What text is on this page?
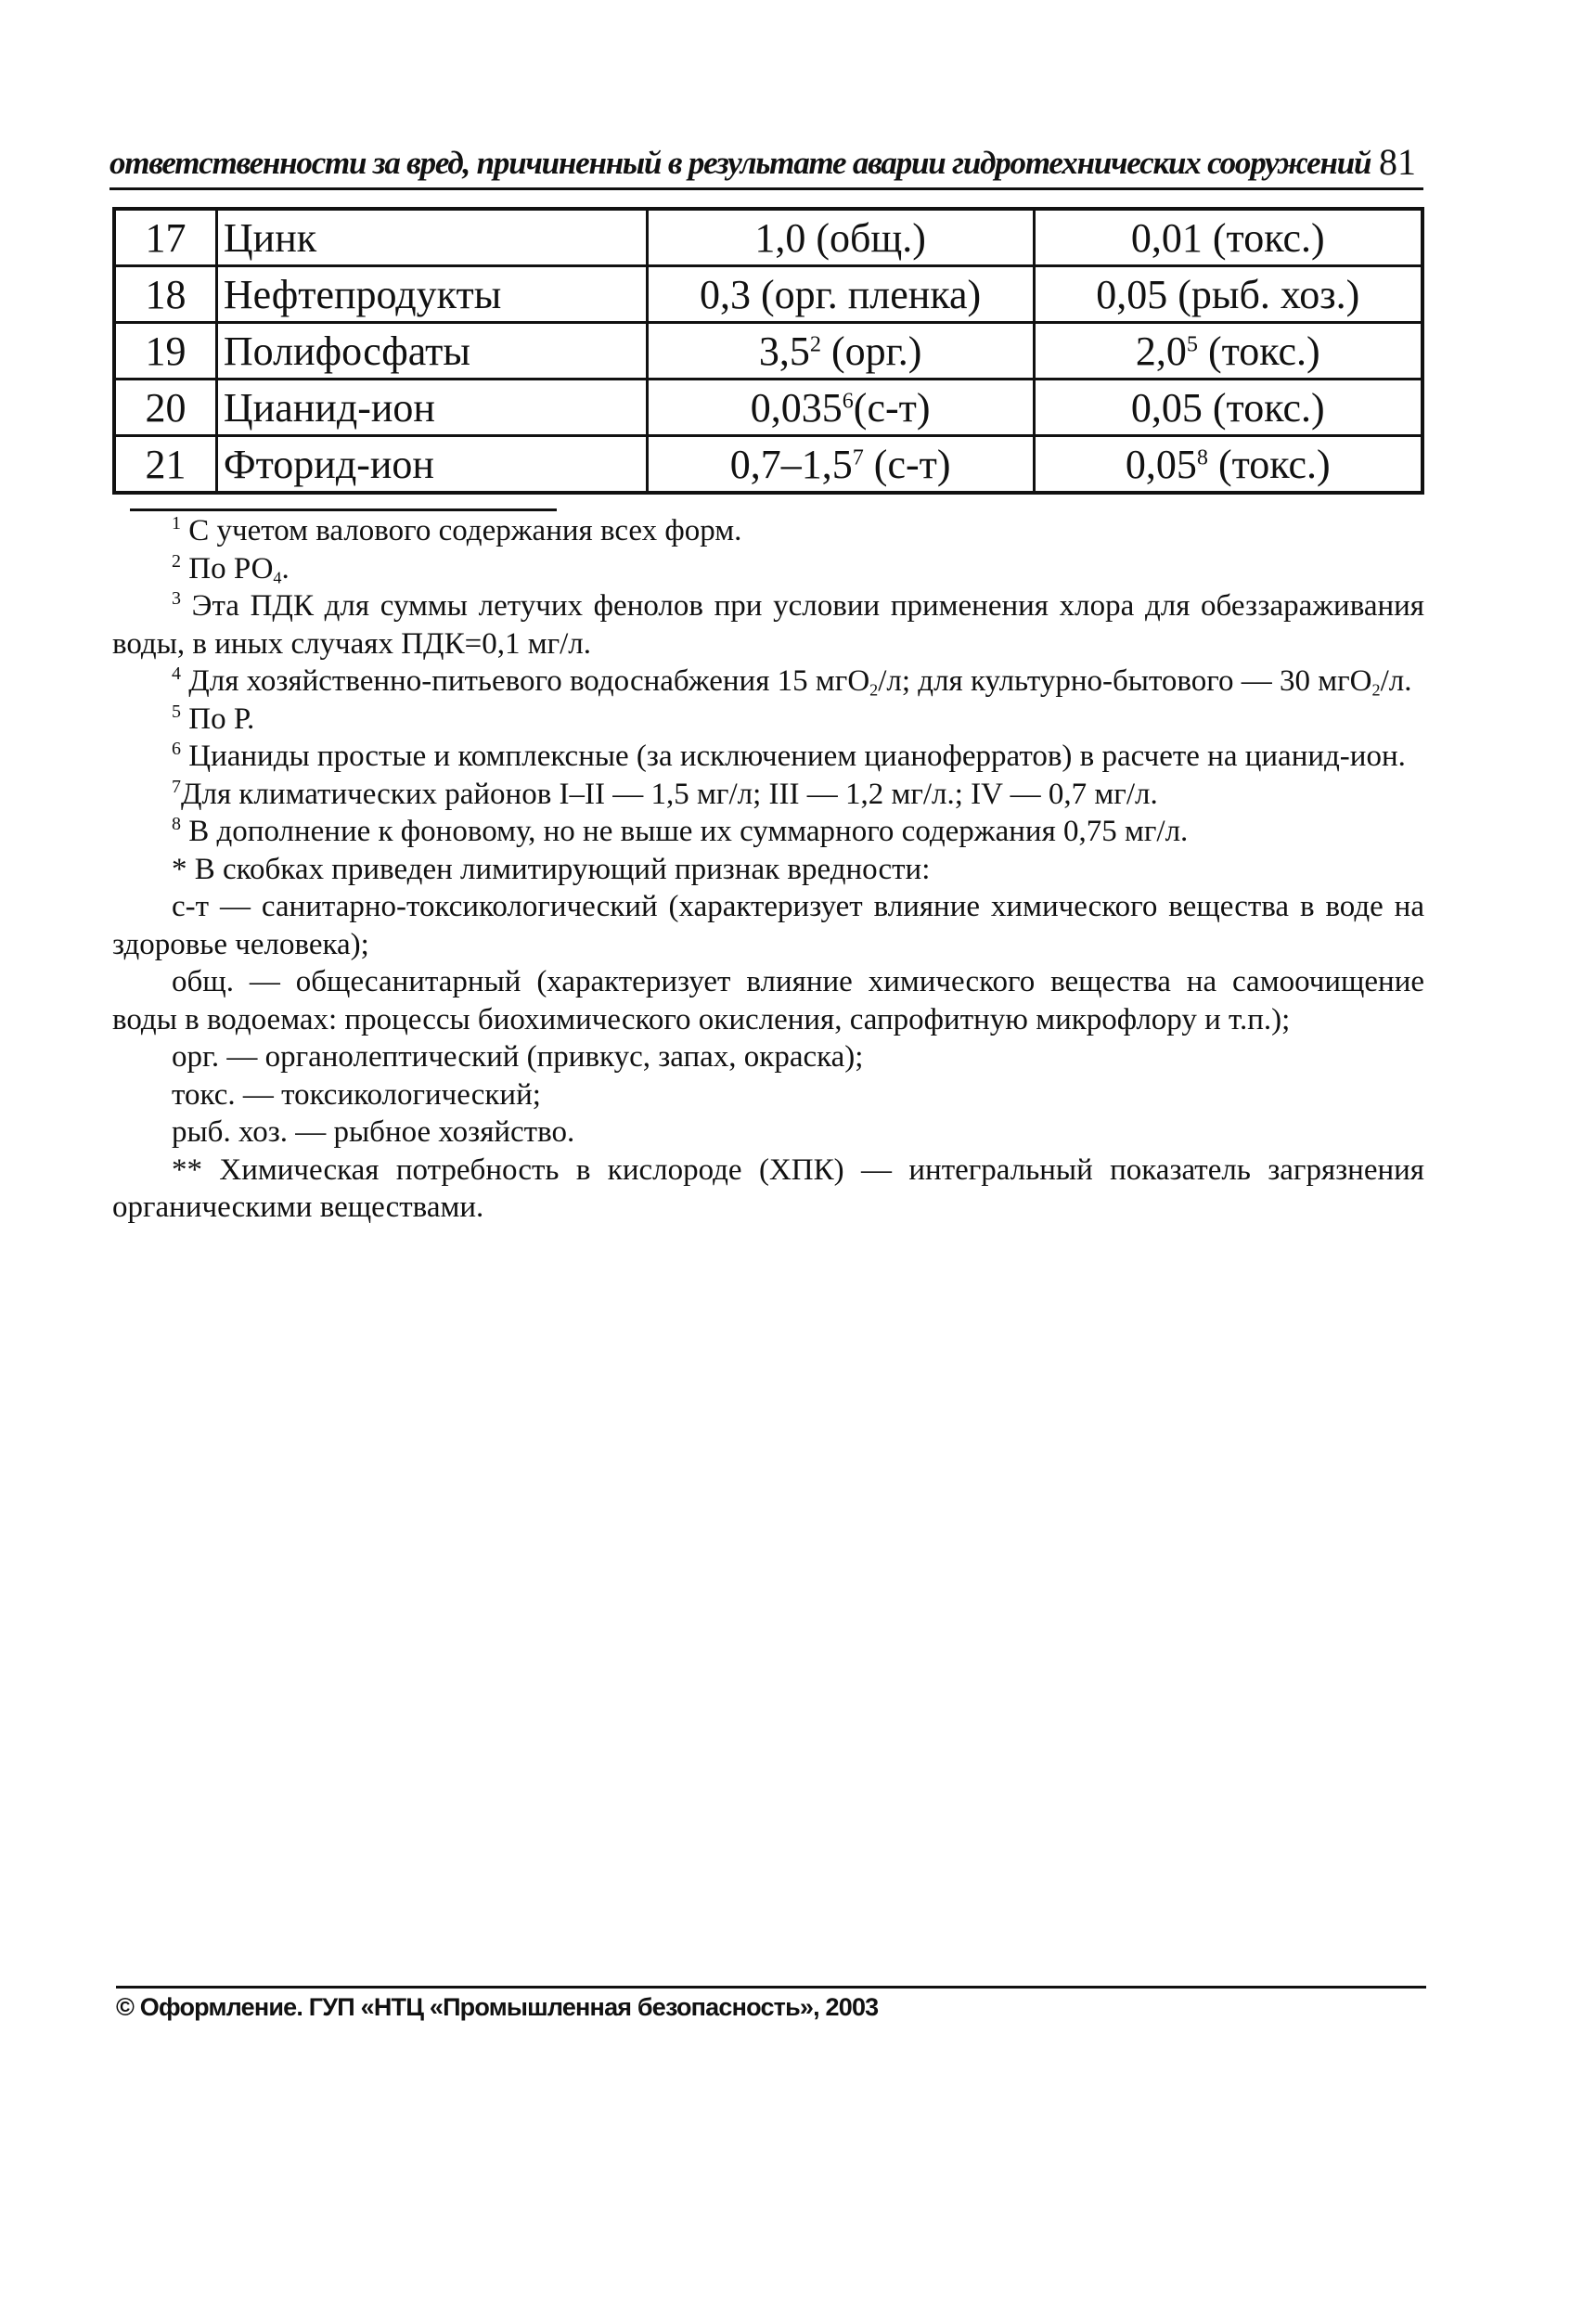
ответственности за вред, причиненный в результате аварии гидротехнических сооружений 81
17	Цинк	1,0 (общ.)	0,01 (токс.)
18	Нефтепродукты	0,3 (орг. пленка)	0,05 (рыб. хоз.)
19	Полифосфаты	$3,5^2$ (орг.)	$2,0^5$ (токс.)
20	Цианид-ион	0,035$^6$(с-т)	0,05 (токс.)
21	Фторид-ион	$0,7-1,5^7$ (с-т)	0,05$^8$ (токс.)

$^1$ С учетом валового содержания всех форм.

$^2$ По $РО_4$.

$^3$ Эта ПДК для суммы летучих фенолов при условии применения хлора для обеззараживания воды, в иных случаях ПДК=0,1 мг/л.

$^4$ Для хозяйственно-питьевого водоснабжения 15 мгО$_2$/л; для культурно-бытового — 30 мгО$_2$/л.

$^5$ По Р.

$^6$ Цианиды простые и комплексные (за исключением цианоферратов) в расчете на цианид-ион.

$^7$Для климатических районов I–II — 1,5 мг/л; III — 1,2 мг/л.; IV — 0,7 мг/л.

$^8$ В дополнение к фоновому, но не выше их суммарного содержания 0,75 мг/л.

* В скобках приведен лимитирующий признак вредности:

с-т — санитарно-токсикологический (характеризует влияние химического вещества в воде на здоровье человека);

общ. — общесанитарный (характеризует влияние химического вещества на самоочищение воды в водоемах: процессы биохимического окисления, сапрофитную микрофлору и т.п.);

орг. — органолептический (привкус, запах, окраска);

токс. — токсикологический;

рыб. хоз. — рыбное хозяйство.

** Химическая потребность в кислороде (ХПК) — интегральный показатель загрязнения органическими веществами.

© Оформление. ГУП «НТЦ «Промышленная безопасность», 2003
